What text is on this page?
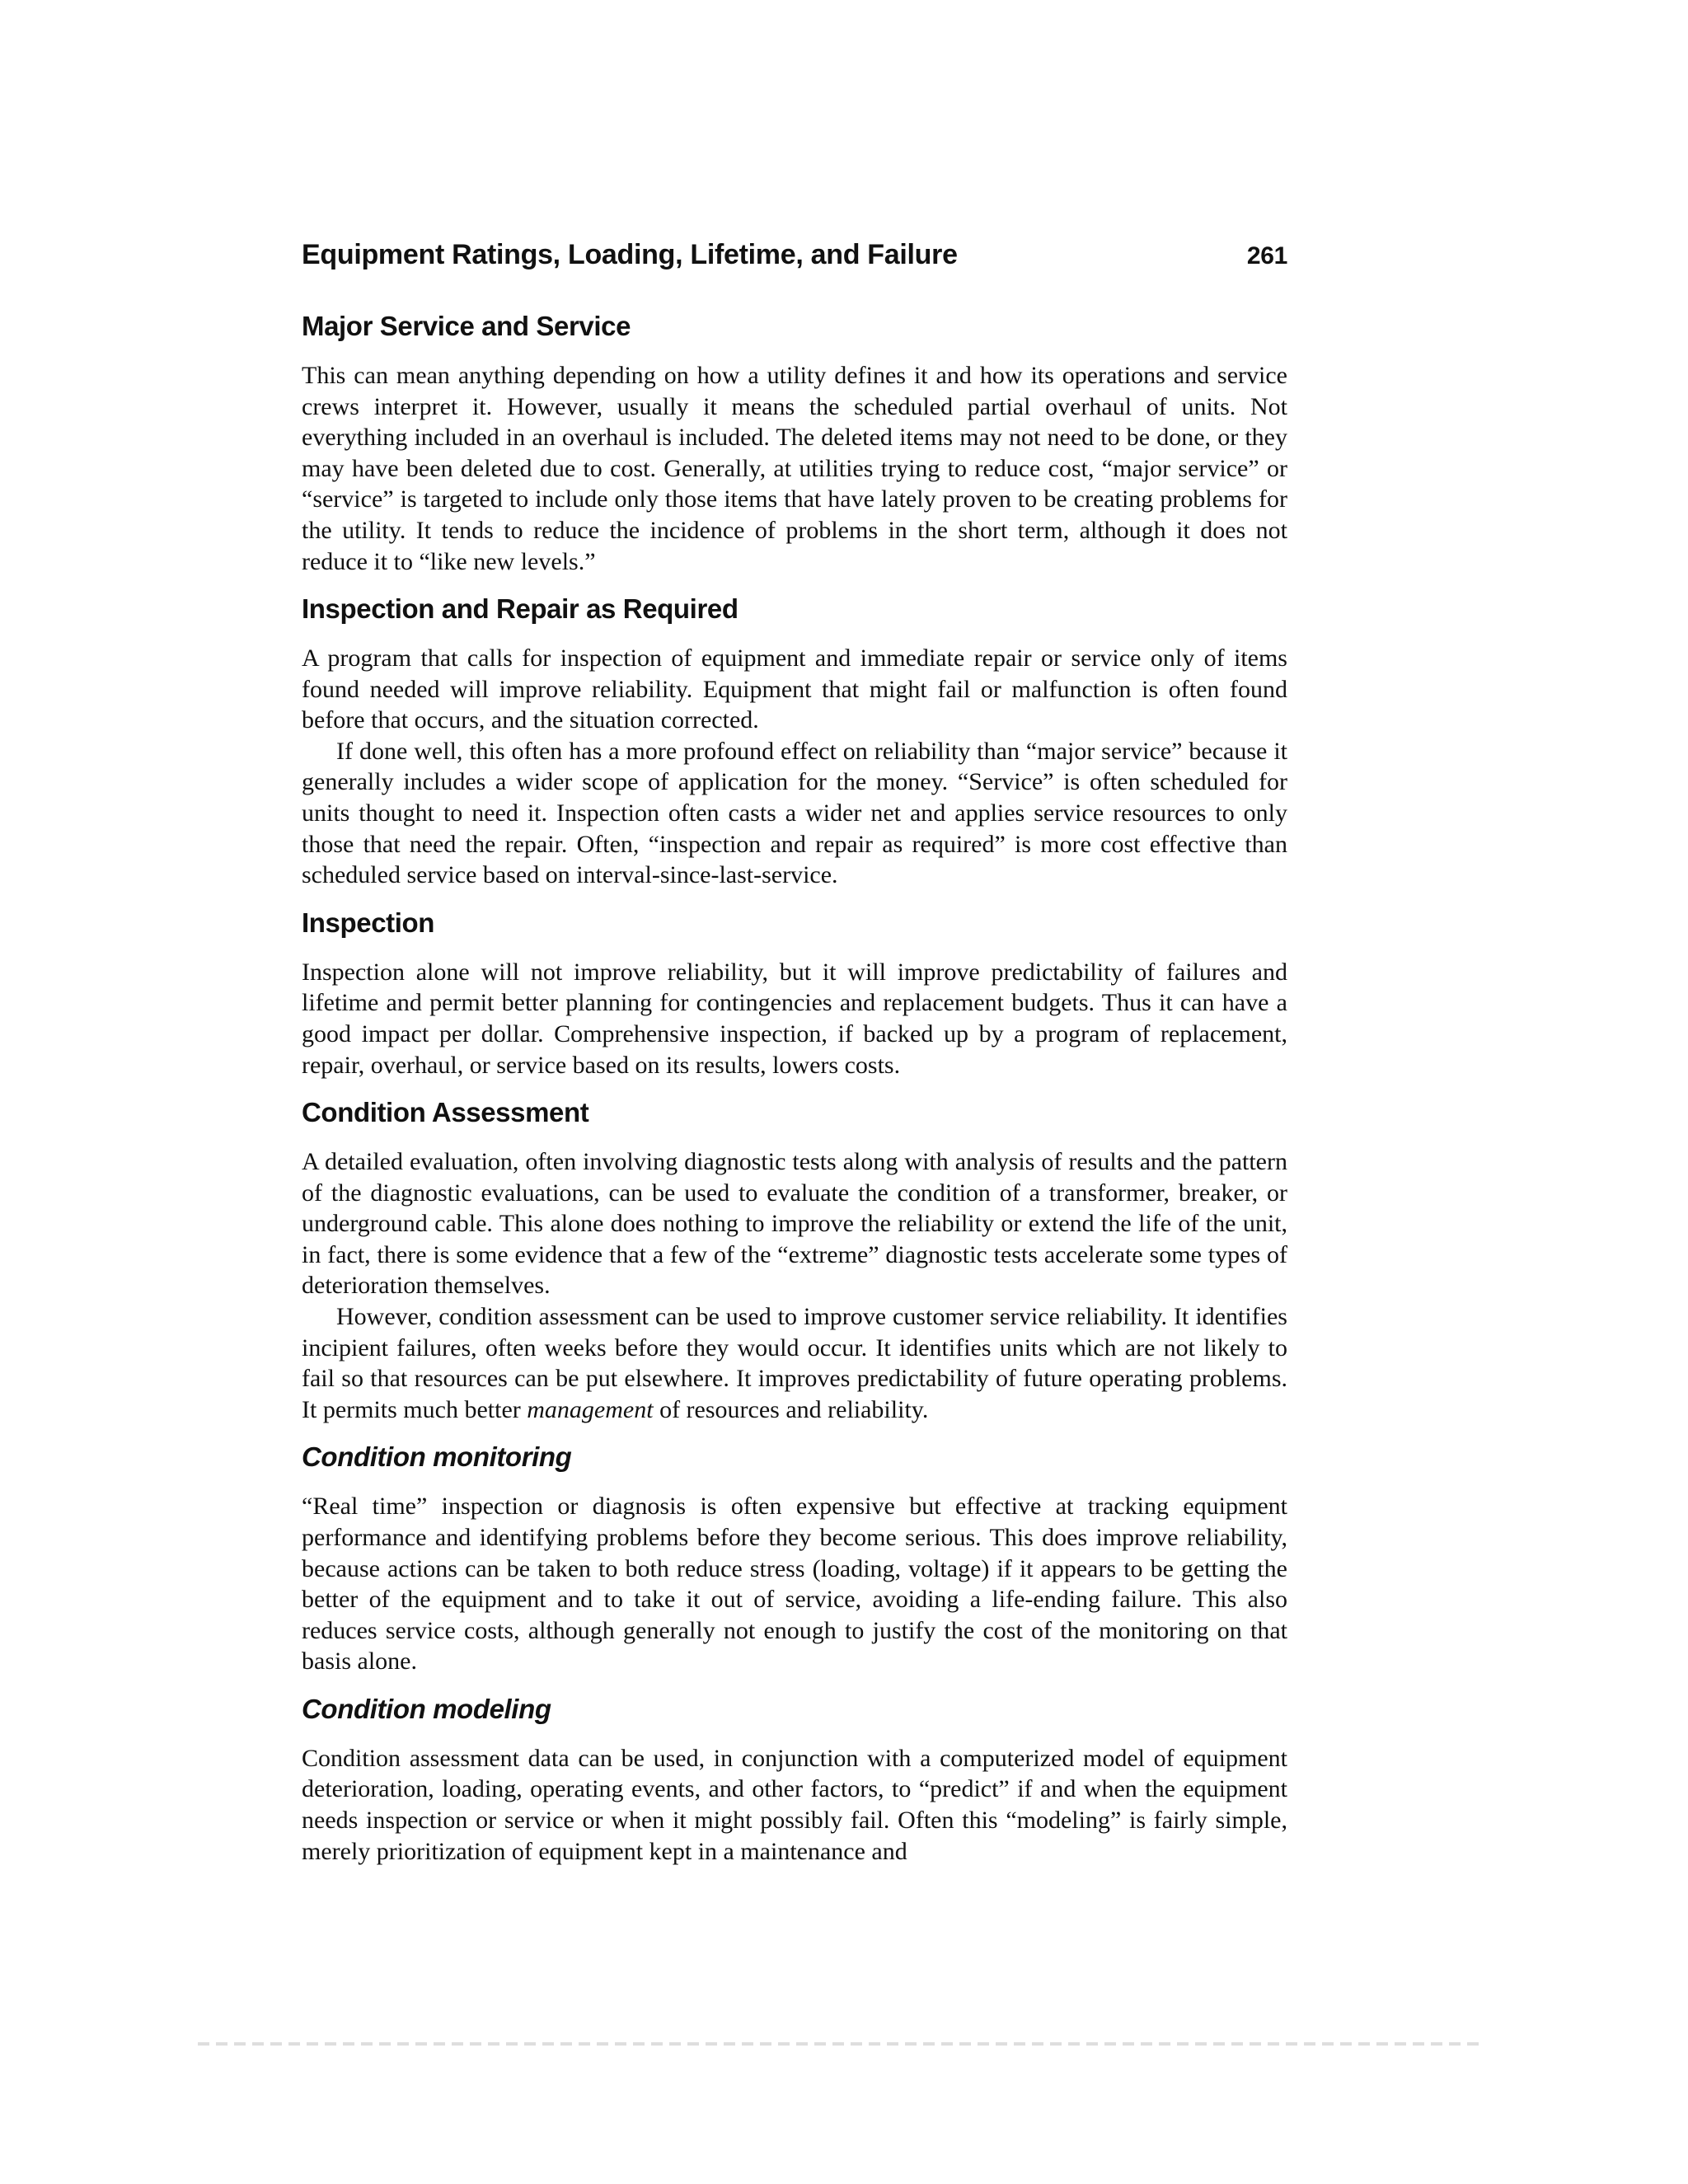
Equipment Ratings, Loading, Lifetime, and Failure	261
Major Service and Service

This can mean anything depending on how a utility defines it and how its operations and service crews interpret it. However, usually it means the scheduled partial overhaul of units. Not everything included in an overhaul is included. The deleted items may not need to be done, or they may have been deleted due to cost. Generally, at utilities trying to reduce cost, “major service” or “service” is targeted to include only those items that have lately proven to be creating problems for the utility. It tends to reduce the incidence of problems in the short term, although it does not reduce it to “like new levels.”

Inspection and Repair as Required

A program that calls for inspection of equipment and immediate repair or service only of items found needed will improve reliability. Equipment that might fail or malfunction is often found before that occurs, and the situation corrected.

If done well, this often has a more profound effect on reliability than “major service” because it generally includes a wider scope of application for the money. “Service” is often scheduled for units thought to need it. Inspection often casts a wider net and applies service resources to only those that need the repair. Often, “inspection and repair as required” is more cost effective than scheduled service based on interval-since-last-service.

Inspection

Inspection alone will not improve reliability, but it will improve predictability of failures and lifetime and permit better planning for contingencies and replacement budgets. Thus it can have a good impact per dollar. Comprehensive inspection, if backed up by a program of replacement, repair, overhaul, or service based on its results, lowers costs.

Condition Assessment

A detailed evaluation, often involving diagnostic tests along with analysis of results and the pattern of the diagnostic evaluations, can be used to evaluate the condition of a transformer, breaker, or underground cable. This alone does nothing to improve the reliability or extend the life of the unit, in fact, there is some evidence that a few of the “extreme” diagnostic tests accelerate some types of deterioration themselves.

However, condition assessment can be used to improve customer service reliability. It identifies incipient failures, often weeks before they would occur. It identifies units which are not likely to fail so that resources can be put elsewhere. It improves predictability of future operating problems. It permits much better management of resources and reliability.

Condition monitoring

“Real time” inspection or diagnosis is often expensive but effective at tracking equipment performance and identifying problems before they become serious. This does improve reliability, because actions can be taken to both reduce stress (loading, voltage) if it appears to be getting the better of the equipment and to take it out of service, avoiding a life-ending failure. This also reduces service costs, although generally not enough to justify the cost of the monitoring on that basis alone.

Condition modeling

Condition assessment data can be used, in conjunction with a computerized model of equipment deterioration, loading, operating events, and other factors, to “predict” if and when the equipment needs inspection or service or when it might possibly fail. Often this “modeling” is fairly simple, merely prioritization of equipment kept in a maintenance and
